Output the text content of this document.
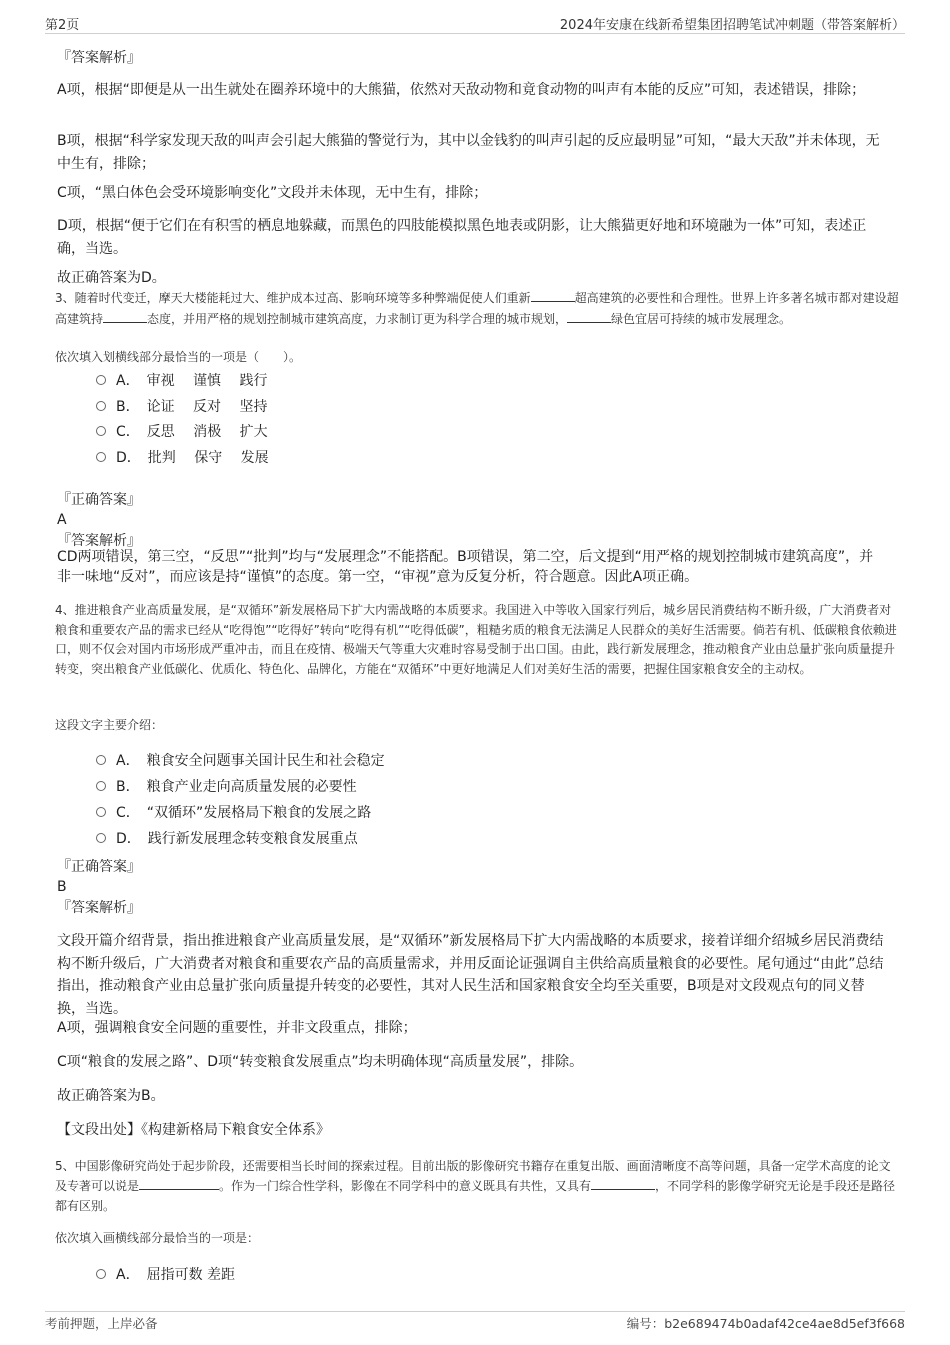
第2页	2024年安康在线新希望集团招聘笔试冲刺题（带答案解析）
『答案解析』
A项，根据“即便是从一出生就处在圈养环境中的大熊猫，依然对天敌动物和竟食动物的叫声有本能的反应”可知，表述错误，排除；
B项，根据“科学家发现天敌的叫声会引起大熊猫的警觉行为，其中以金钱豹的叫声引起的反应最明显”可知，“最大天敌”并未体现，无中生有，排除；
C项，“黑白体色会受环境影响变化”文段并未体现，无中生有，排除；
D项，根据“便于它们在有积雪的栖息地躲藏，而黑色的四肢能模拟黑色地表或阴影，让大熊猫更好地和环境融为一体”可知，表述正确，当选。
故正确答案为D。
3、随着时代变迁，摩天大楼能耗过大、维护成本过高、影响环境等多种弊端促使人们重新	超高建筑的必要性和合理性。世界上许多著名城市都对建设超高建筑持	态度，并用严格的规划控制城市建筑高度，力求制订更为科学合理的城市规划，	绿色宜居可持续的城市发展理念。
依次填入划横线部分最恰当的一项是（　　）。
A．　审视　 谨慎　 践行
B．　论证　 反对　 坚持
C．　反思　 消极　 扩大
D．　批判　 保守　 发展
『正确答案』
A
『答案解析』
CD两项错误，第三空，“反思”“批判”均与“发展理念”不能搭配。B项错误，第二空，后文提到“用严格的规划控制城市建筑高度”，并非一味地“反对”，而应该是持“谨慎”的态度。第一空，“审视”意为反复分析，符合题意。因此A项正确。
4、推进粮食产业高质量发展，是“双循环”新发展格局下扩大内需战略的本质要求。我国进入中等收入国家行列后，城乡居民消费结构不断升级，广大消费者对粮食和重要农产品的需求已经从“吃得饱”“吃得好”转向“吃得有机”“吃得低碳”，粗糙劣质的粮食无法满足人民群众的美好生活需要。倘若有机、低碳粮食依赖进口，则不仅会对国内市场形成严重冲击，而且在疫情、极端天气等重大灾难时容易受制于出口国。由此，践行新发展理念，推动粮食产业由总量扩张向质量提升转变，突出粮食产业低碳化、优质化、特色化、品牌化，方能在“双循环”中更好地满足人们对美好生活的需要，把握住国家粮食安全的主动权。
这段文字主要介绍：
A．　粮食安全问题事关国计民生和社会稳定
B．　粮食产业走向高质量发展的必要性
C．　“双循环”发展格局下粮食的发展之路
D．　践行新发展理念转变粮食发展重点
『正确答案』
B
『答案解析』
文段开篇介绍背景，指出推进粮食产业高质量发展，是“双循环”新发展格局下扩大内需战略的本质要求，接着详细介绍城乡居民消费结构不断升级后，广大消费者对粮食和重要农产品的高质量需求，并用反面论证强调自主供给高质量粮食的必要性。尾句通过“由此”总结指出，推动粮食产业由总量扩张向质量提升转变的必要性，其对人民生活和国家粮食安全均至关重要，B项是对文段观点句的同义替换，当选。
A项，强调粮食安全问题的重要性，并非文段重点，排除；
C项“粮食的发展之路”、D项“转变粮食发展重点”均未明确体现“高质量发展”，排除。
故正确答案为B。
【文段出处】《构建新格局下粮食安全体系》
5、中国影像研究尚处于起步阶段，还需要相当长时间的探索过程。目前出版的影像研究书籍存在重复出版、画面清晰度不高等问题，具备一定学术高度的论文及专著可以说是	。作为一门综合性学科，影像在不同学科中的意义既具有共性，又具有	，不同学科的影像学研究无论是手段还是路径都有区别。
依次填入画横线部分最恰当的一项是：
A．　屈指可数 差距
考前押题，上岸必备	编号：b2e689474b0adaf42ce4ae8d5ef3f668
